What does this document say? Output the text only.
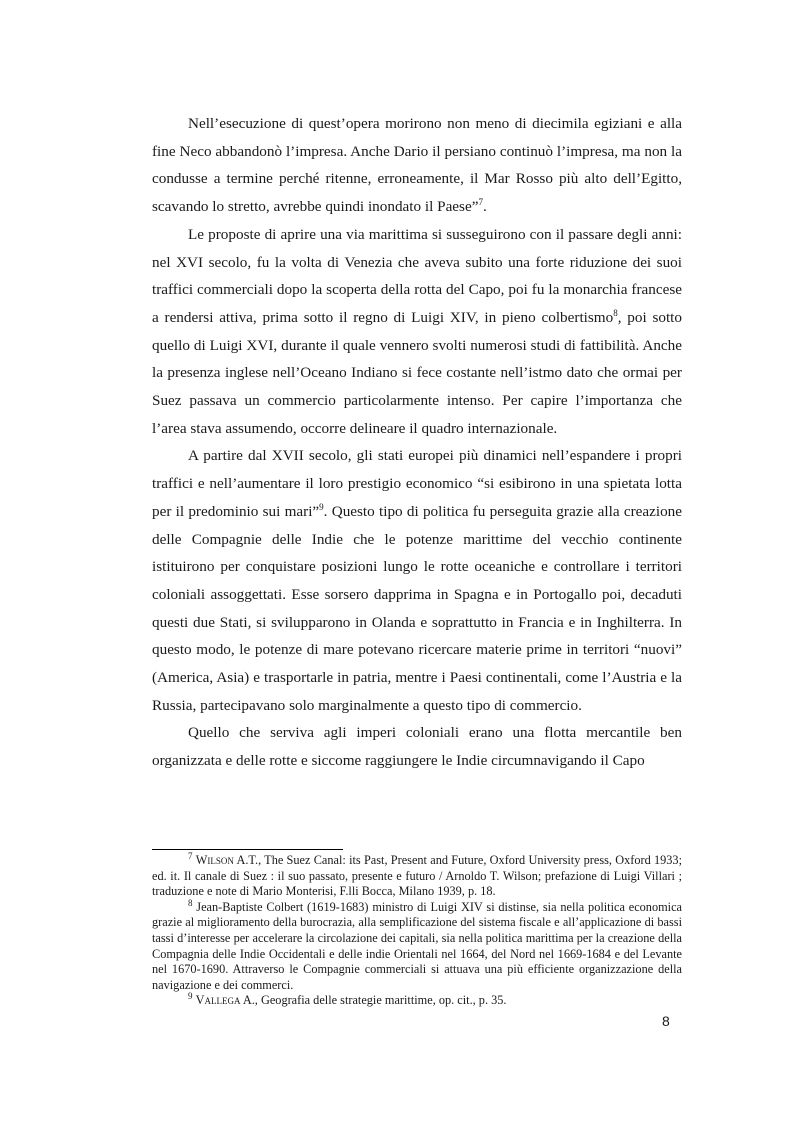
Nell’esecuzione di quest’opera morirono non meno di diecimila egiziani e alla fine Neco abbandonò l’impresa. Anche Dario il persiano continuò l’impresa, ma non la condusse a termine perché ritenne, erroneamente, il Mar Rosso più alto dell’Egitto, scavando lo stretto, avrebbe quindi inondato il Paese”$^7$.

Le proposte di aprire una via marittima si susseguirono con il passare degli anni: nel XVI secolo, fu la volta di Venezia che aveva subito una forte riduzione dei suoi traffici commerciali dopo la scoperta della rotta del Capo, poi fu la monarchia francese a rendersi attiva, prima sotto il regno di Luigi XIV, in pieno colbertismo$^8$, poi sotto quello di Luigi XVI, durante il quale vennero svolti numerosi studi di fattibilità. Anche la presenza inglese nell’Oceano Indiano si fece costante nell’istmo dato che ormai per Suez passava un commercio particolarmente intenso. Per capire l’importanza che l’area stava assumendo, occorre delineare il quadro internazionale.

A partire dal XVII secolo, gli stati europei più dinamici nell’espandere i propri traffici e nell’aumentare il loro prestigio economico “si esibirono in una spietata lotta per il predominio sui mari”$^9$. Questo tipo di politica fu perseguita grazie alla creazione delle Compagnie delle Indie che le potenze marittime del vecchio continente istituirono per conquistare posizioni lungo le rotte oceaniche e controllare i territori coloniali assoggettati. Esse sorsero dapprima in Spagna e in Portogallo poi, decaduti questi due Stati, si svilupparono in Olanda e soprattutto in Francia e in Inghilterra. In questo modo, le potenze di mare potevano ricercare materie prime in territori “nuovi” (America, Asia) e trasportarle in patria, mentre i Paesi continentali, come l’Austria e la Russia, partecipavano solo marginalmente a questo tipo di commercio.

Quello che serviva agli imperi coloniali erano una flotta mercantile ben organizzata e delle rotte e siccome raggiungere le Indie circumnavigando il Capo

$^7$ Wilson A.T., The Suez Canal: its Past, Present and Future, Oxford University press, Oxford 1933; ed. it. Il canale di Suez : il suo passato, presente e futuro / Arnoldo T. Wilson; prefazione di Luigi Villari ; traduzione e note di Mario Monterisi, F.lli Bocca, Milano 1939, p. 18.

$^8$ Jean-Baptiste Colbert (1619-1683) ministro di Luigi XIV si distinse, sia nella politica economica grazie al miglioramento della burocrazia, alla semplificazione del sistema fiscale e all’applicazione di bassi tassi d’interesse per accelerare la circolazione dei capitali, sia nella politica marittima per la creazione della Compagnia delle Indie Occidentali e delle indie Orientali nel 1664, del Nord nel 1669-1684 e del Levante nel 1670-1690. Attraverso le Compagnie commerciali si attuava una più efficiente organizzazione della navigazione e dei commerci.

$^9$ Vallega A., Geografia delle strategie marittime, op. cit., p. 35.

8
